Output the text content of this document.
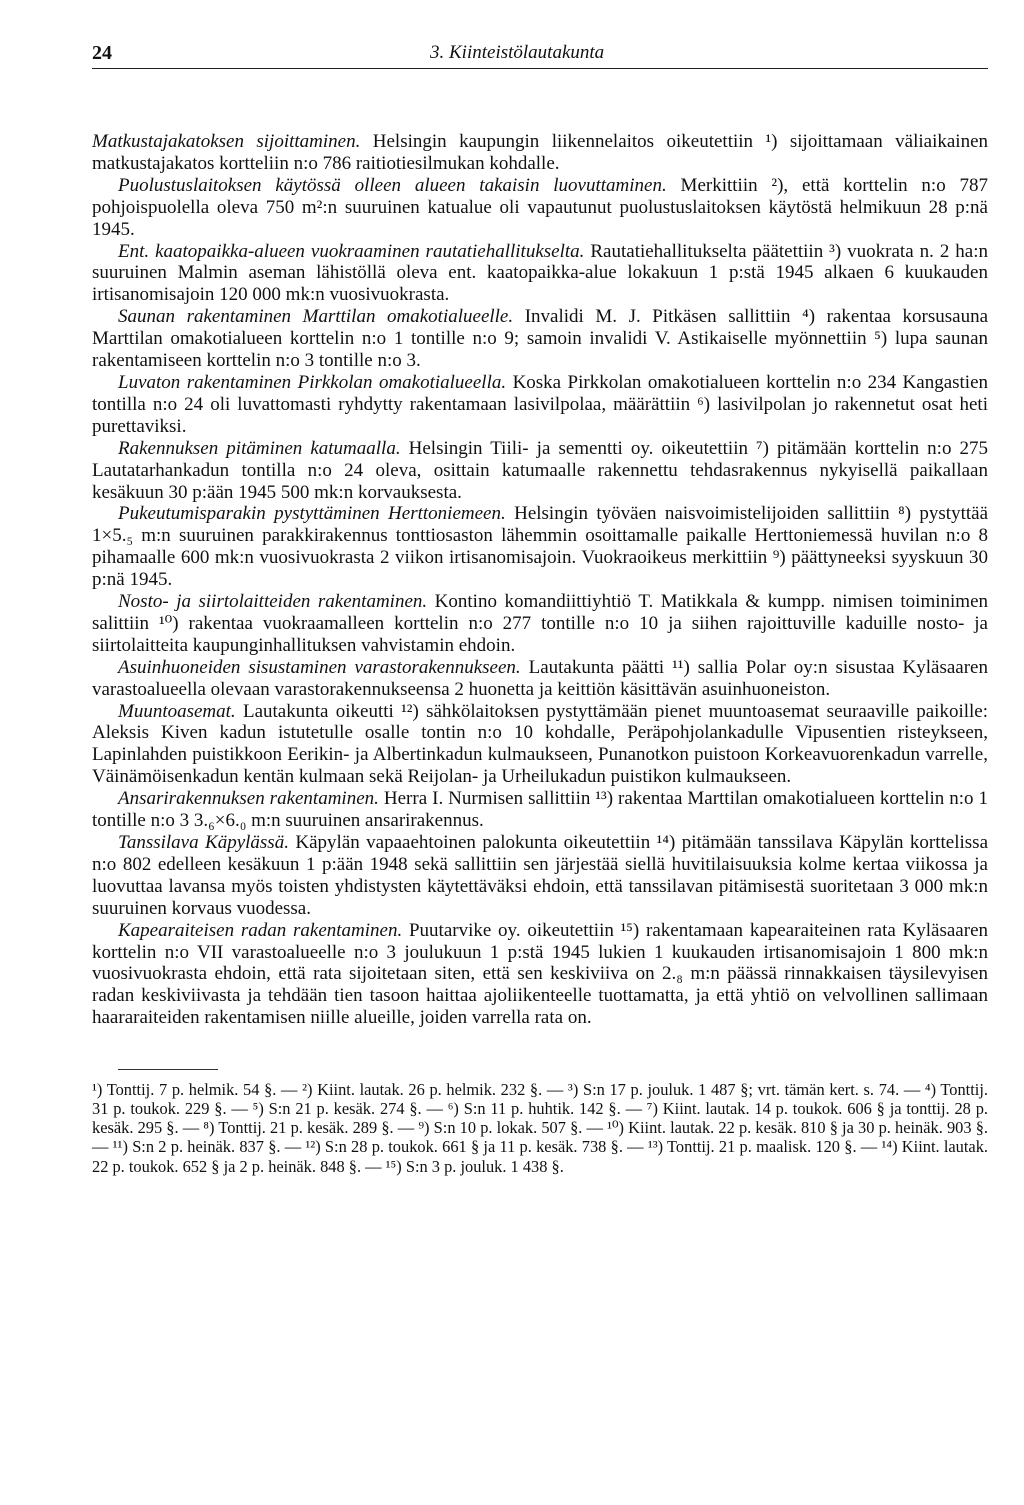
24	3. Kiinteistölautakunta

Matkustajakatoksen sijoittaminen. Helsingin kaupungin liikennelaitos oikeutettiin ¹) sijoittamaan väliaikainen matkustajakatos kortteliin n:o 786 raitiotiesilmukan kohdalle.

Puolustuslaitoksen käytössä olleen alueen takaisin luovuttaminen. Merkittiin ²), että korttelin n:o 787 pohjoispuolella oleva 750 m²:n suuruinen katualue oli vapautunut puolustuslaitoksen käytöstä helmikuun 28 p:nä 1945.

Ent. kaatopaikka-alueen vuokraaminen rautatiehallitukselta. Rautatiehallitukselta päätettiin ³) vuokrata n. 2 ha:n suuruinen Malmin aseman lähistöllä oleva ent. kaatopaikka-alue lokakuun 1 p:stä 1945 alkaen 6 kuukauden irtisanomisajoin 120 000 mk:n vuosivuokrasta.

Saunan rakentaminen Marttilan omakotialueelle. Invalidi M. J. Pitkäsen sallittiin ⁴) rakentaa korsusauna Marttilan omakotialueen korttelin n:o 1 tontille n:o 9; samoin invalidi V. Astikaiselle myönnettiin ⁵) lupa saunan rakentamiseen korttelin n:o 3 tontille n:o 3.

Luvaton rakentaminen Pirkkolan omakotialueella. Koska Pirkkolan omakotialueen korttelin n:o 234 Kangastien tontilla n:o 24 oli luvattomasti ryhdytty rakentamaan lasivilpolaa, määrättiin ⁶) lasivilpolan jo rakennetut osat heti purettaviksi.

Rakennuksen pitäminen katumaalla. Helsingin Tiili- ja sementti oy. oikeutettiin ⁷) pitämään korttelin n:o 275 Lautatarhankadun tontilla n:o 24 oleva, osittain katumaalle rakennettu tehdasrakennus nykyisellä paikallaan kesäkuun 30 p:ään 1945 500 mk:n korvauksesta.

Pukeutumisparakin pystyttäminen Herttoniemeen. Helsingin työväen naisvoimistelijoiden sallittiin ⁸) pystyttää 1×5.₅ m:n suuruinen parakkirakennus tonttiosaston lähemmin osoittamalle paikalle Herttoniemessä huvilan n:o 8 pihamaalle 600 mk:n vuosivuokrasta 2 viikon irtisanomisajoin. Vuokraoikeus merkittiin ⁹) päättyneeksi syyskuun 30 p:nä 1945.

Nosto- ja siirtolaitteiden rakentaminen. Kontino komandiittiyhtiö T. Matikkala & kumpp. nimisen toiminimen salittiin ¹⁰) rakentaa vuokraamalleen korttelin n:o 277 tontille n:o 10 ja siihen rajoittuville kaduille nosto- ja siirtolaitteita kaupunginhallituksen vahvistamin ehdoin.

Asuinhuoneiden sisustaminen varastorakennukseen. Lautakunta päätti ¹¹) sallia Polar oy:n sisustaa Kyläsaaren varastoalueella olevaan varastorakennukseensa 2 huonetta ja keittiön käsittävän asuinhuoneiston.

Muuntoasemat. Lautakunta oikeutti ¹²) sähkölaitoksen pystyttämään pienet muuntoasemat seuraaville paikoille: Aleksis Kiven kadun istutetulle osalle tontin n:o 10 kohdalle, Peräpohjolankadulle Vipusentien risteykseen, Lapinlahden puistikkoon Eerikin- ja Albertinkadun kulmaukseen, Punanotkon puistoon Korkeavuorenkadun varrelle, Väinämöisenkadun kentän kulmaan sekä Reijolan- ja Urheilukadun puistikon kulmaukseen.

Ansarirakennuksen rakentaminen. Herra I. Nurmisen sallittiin ¹³) rakentaa Marttilan omakotialueen korttelin n:o 1 tontille n:o 3 3.₆×6.₀ m:n suuruinen ansarirakennus.

Tanssilava Käpylässä. Käpylän vapaaehtoinen palokunta oikeutettiin ¹⁴) pitämään tanssilava Käpylän korttelissa n:o 802 edelleen kesäkuun 1 p:ään 1948 sekä sallittiin sen järjestää siellä huvitilaisuuksia kolme kertaa viikossa ja luovuttaa lavansa myös toisten yhdistysten käytettäväksi ehdoin, että tanssilavan pitämisestä suoritetaan 3 000 mk:n suuruinen korvaus vuodessa.

Kapearaiteisen radan rakentaminen. Puutarvike oy. oikeutettiin ¹⁵) rakentamaan kapearaiteinen rata Kyläsaaren korttelin n:o VII varastoalueelle n:o 3 joulukuun 1 p:stä 1945 lukien 1 kuukauden irtisanomisajoin 1 800 mk:n vuosivuokrasta ehdoin, että rata sijoitetaan siten, että sen keskiviiva on 2.₈ m:n päässä rinnakkaisen täysilevyisen radan keskiviivasta ja tehdään tien tasoon haittaa ajoliikenteelle tuottamatta, ja että yhtiö on velvollinen sallimaan haararaiteiden rakentamisen niille alueille, joiden varrella rata on.

¹) Tonttij. 7 p. helmik. 54 §. — ²) Kiint. lautak. 26 p. helmik. 232 §. — ³) S:n 17 p. jouluk. 1 487 §; vrt. tämän kert. s. 74. — ⁴) Tonttij. 31 p. toukok. 229 §. — ⁵) S:n 21 p. kesäk. 274 §. — ⁶) S:n 11 p. huhtik. 142 §. — ⁷) Kiint. lautak. 14 p. toukok. 606 § ja tonttij. 28 p. kesäk. 295 §. — ⁸) Tonttij. 21 p. kesäk. 289 §. — ⁹) S:n 10 p. lokak. 507 §. — ¹⁰) Kiint. lautak. 22 p. kesäk. 810 § ja 30 p. heinäk. 903 §. — ¹¹) S:n 2 p. heinäk. 837 §. — ¹²) S:n 28 p. toukok. 661 § ja 11 p. kesäk. 738 §. — ¹³) Tonttij. 21 p. maalisk. 120 §. — ¹⁴) Kiint. lautak. 22 p. toukok. 652 § ja 2 p. heinäk. 848 §. — ¹⁵) S:n 3 p. jouluk. 1 438 §.
